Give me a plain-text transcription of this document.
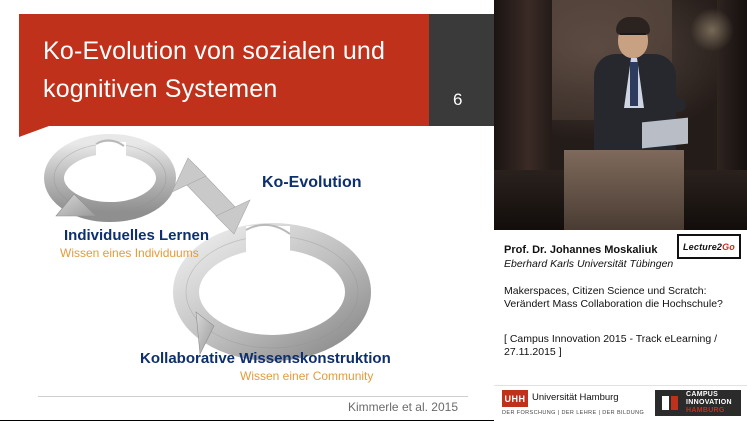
Ko-Evolution von sozialen und kognitiven Systemen	6
Ko-Evolution
Individuelles Lernen
Wissen eines Individuums
Kollaborative Wissenskonstruktion
Wissen einer Community
Kimmerle et al. 2015
Lecture2 Go
Prof. Dr. Johannes Moskaliuk
Eberhard Karls Universität Tübingen
Makerspaces, Citizen Science und Scratch: Verändert Mass Collaboration die Hochschule?
[ Campus Innovation 2015 - Track eLearning / 27.11.2015 ]
UHH Universität Hamburg
DER FORSCHUNG | DER LEHRE | DER BILDUNG
CAMPUS
INNOVATION
HAMBURG
